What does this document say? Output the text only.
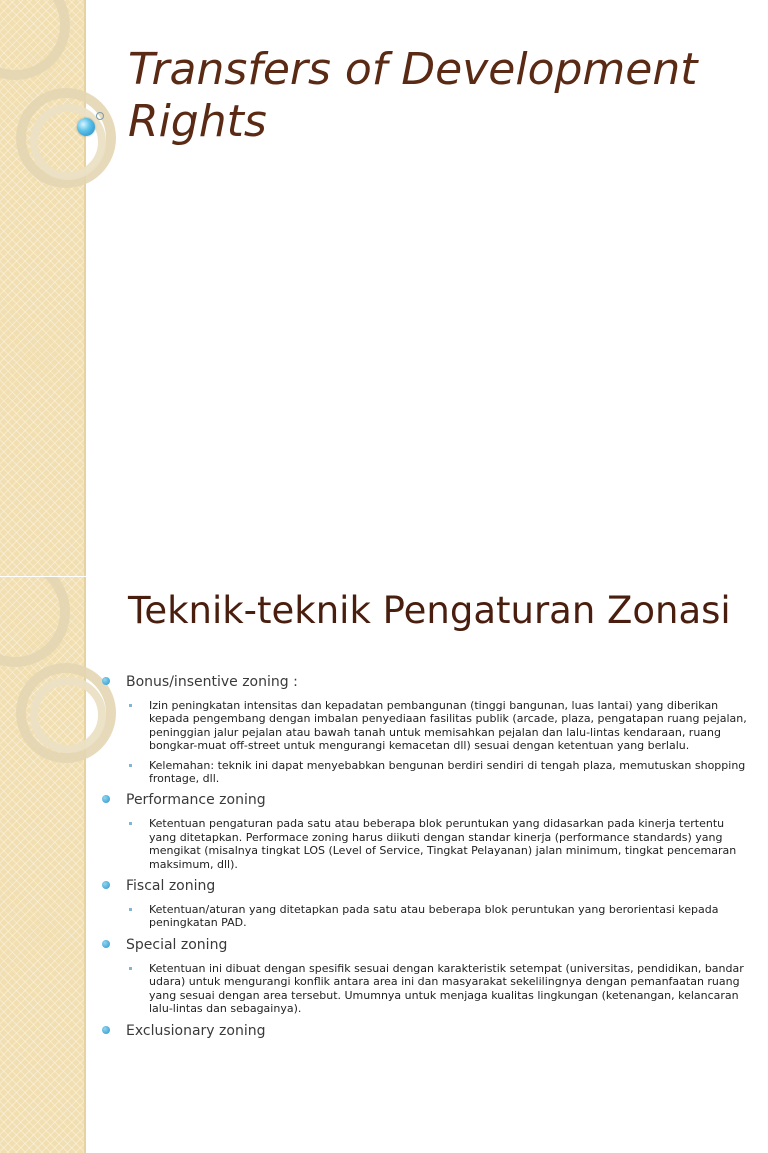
Transfers of Development Rights
Teknik-teknik Pengaturan Zonasi
Bonus/insentive zoning :
Izin peningkatan intensitas dan kepadatan pembangunan (tinggi bangunan, luas lantai) yang diberikan kepada pengembang dengan imbalan penyediaan fasilitas publik (arcade, plaza, pengatapan ruang pejalan, peninggian jalur pejalan atau bawah tanah untuk memisahkan pejalan dan lalu-lintas kendaraan, ruang bongkar-muat off-street untuk mengurangi kemacetan dll) sesuai dengan ketentuan yang berlalu.
Kelemahan: teknik ini dapat menyebabkan bengunan berdiri sendiri di tengah plaza, memutuskan shopping frontage, dll.
Performance zoning
Ketentuan pengaturan pada satu atau beberapa blok peruntukan yang didasarkan pada kinerja tertentu yang ditetapkan. Performace zoning harus diikuti dengan standar kinerja (performance standards) yang mengikat (misalnya tingkat LOS (Level of Service, Tingkat Pelayanan) jalan minimum, tingkat pencemaran maksimum, dll).
Fiscal zoning
Ketentuan/aturan yang ditetapkan pada satu atau beberapa blok peruntukan yang berorientasi kepada peningkatan PAD.
Special zoning
Ketentuan ini dibuat dengan spesifik sesuai dengan karakteristik setempat (universitas, pendidikan, bandar udara) untuk mengurangi konflik antara area ini dan masyarakat sekelilingnya dengan pemanfaatan ruang yang sesuai dengan area tersebut. Umumnya untuk menjaga kualitas lingkungan (ketenangan, kelancaran lalu-lintas dan sebagainya).
Exclusionary zoning
